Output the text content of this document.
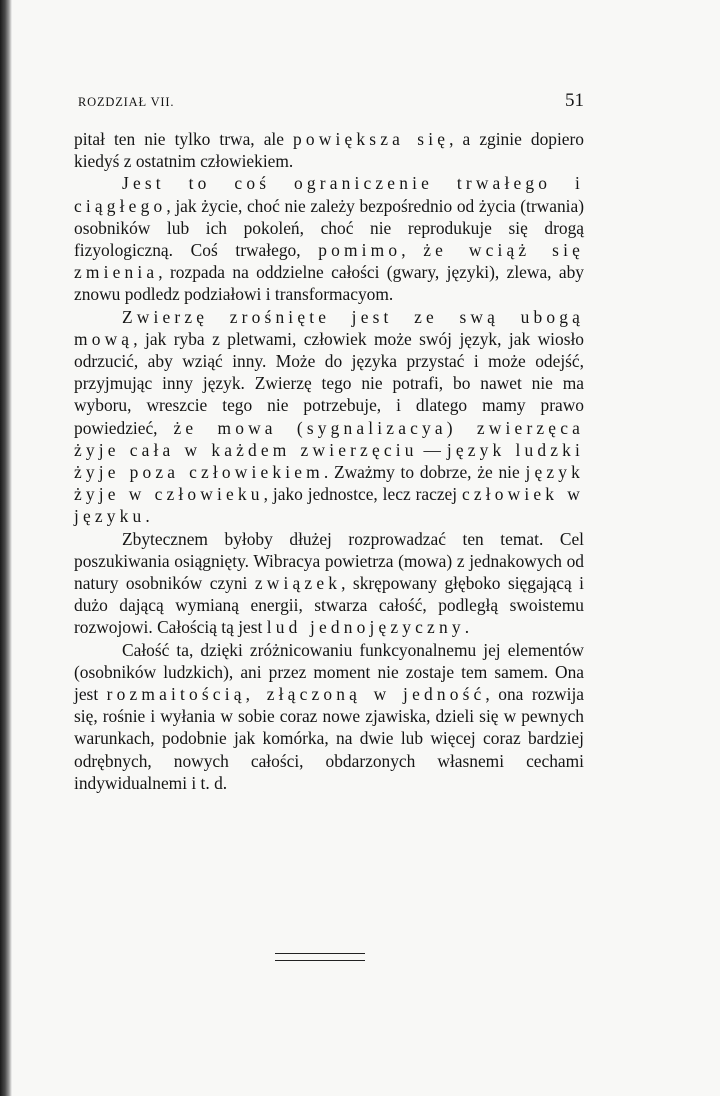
ROZDZIAŁ VII.	51

pitał ten nie tylko trwa, ale powiększa się, a zginie dopiero kiedyś z ostatnim człowiekiem.

Jest to coś ograniczenie trwałego i ciągłego, jak życie, choć nie zależy bezpośrednio od życia (trwania) osobników lub ich pokoleń, choć nie reprodukuje się drogą fizyologiczną. Coś trwałego, pomimo, że wciąż się zmienia, rozpada na oddzielne całości (gwary, języki), zlewa, aby znowu podledz podziałowi i transformacyom.

Zwierzę zrośnięte jest ze swą ubogą mową, jak ryba z pletwami, człowiek może swój język, jak wiosło odrzucić, aby wziąć inny. Może do języka przystać i może odejść, przyjmując inny język. Zwierzę tego nie potrafi, bo nawet nie ma wyboru, wreszcie tego nie potrzebuje, i dlatego mamy prawo powiedzieć, że mowa (sygnalizacya) zwierzęca żyje cała w każdem zwierzęciu — język ludzki żyje poza człowiekiem. Zważmy to dobrze, że nie język żyje w człowieku, jako jednostce, lecz raczej człowiek w języku.

Zbytecznem byłoby dłużej rozprowadzać ten temat. Cel poszukiwania osiągnięty. Wibracya powietrza (mowa) z jednakowych od natury osobników czyni związek, skrępowany głęboko sięgającą i dużo dającą wymianą energii, stwarza całość, podległą swoistemu rozwojowi. Całością tą jest lud jednojęzyczny.

Całość ta, dzięki zróżnicowaniu funkcyonalnemu jej elementów (osobników ludzkich), ani przez moment nie zostaje tem samem. Ona jest rozmaitością, złączoną w jedność, ona rozwija się, rośnie i wyłania w sobie coraz nowe zjawiska, dzieli się w pewnych warunkach, podobnie jak komórka, na dwie lub więcej coraz bardziej odrębnych, nowych całości, obdarzonych własnemi cechami indywidualnemi i t. d.
